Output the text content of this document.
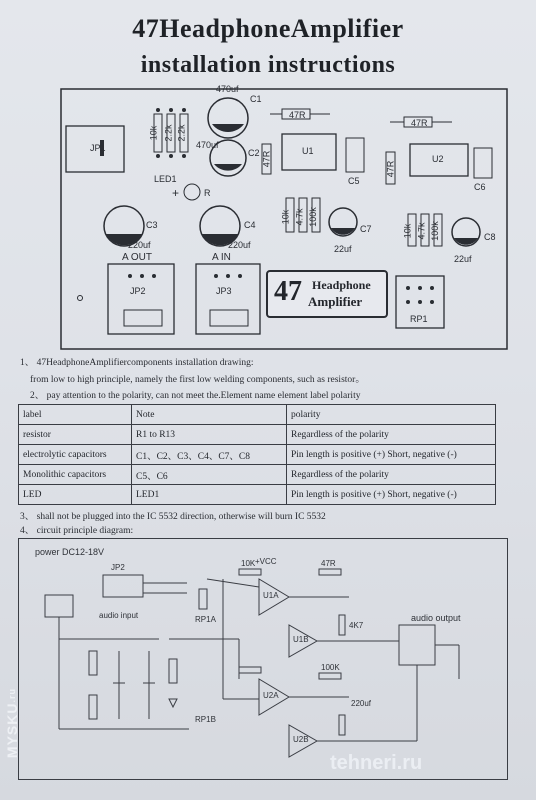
47HeadphoneAmplifier
installation instructions
JP1
10k 2.2k 2.2k
470uf
C1
470uf
C2
LED1
+	R
47R
47R	U1
C5
10k 4.7k 100k
C7
22uf
47R
47R
U2
C6
10k 4.7k 100k	C8
22uf
C3
220uf
C4
220uf
A OUT	A IN
JP2	JP3
RP1
47 Headphone
Amplifier
1、 47HeadphoneAmplifiercomponents installation drawing:
from low to high principle, namely the first low welding components, such as resistor。
2、 pay attention to the polarity, can not meet the.Element name element label polarity
label	Note	polarity
resistor	R1 to R13	Regardless of the polarity
electrolytic capacitors	C1、C2、C3、C4、C7、C8	Pin length is positive (+) Short, negative (-)
Monolithic capacitors	C5、C6	Regardless of the polarity
LED	LED1	Pin length is positive (+) Short, negative (-)
3、 shall not be plugged into the IC 5532 direction, otherwise will burn IC 5532
4、 circuit principle diagram:
power DC12-18V
audio input	audio output
U1A
U1B
U2A
U2B
RP1A
RP1B
JP2
+VCC	47R
10K
100K
4K7
220uf
MYSKU.ru
tehneri.ru
